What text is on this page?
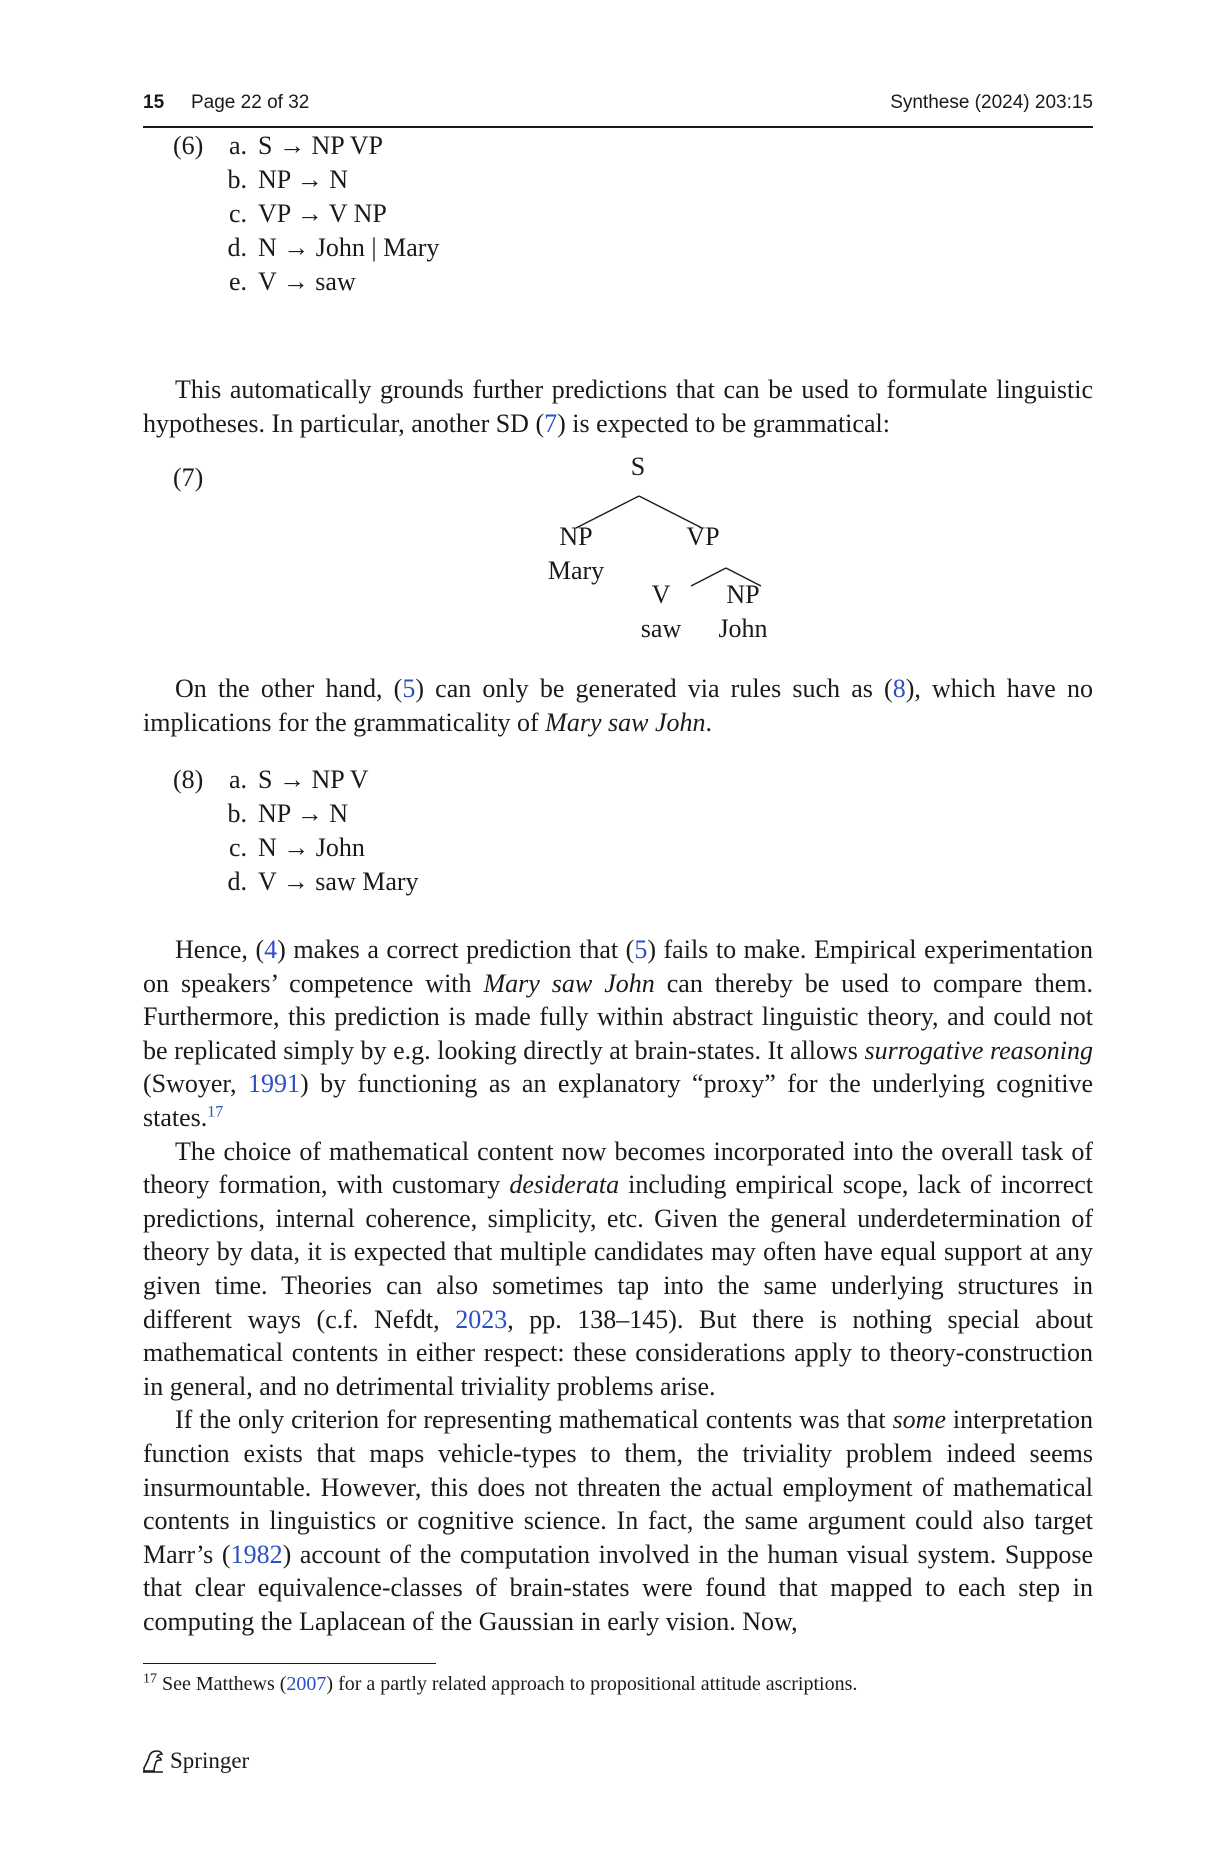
15 Page 22 of 32	Synthese (2024) 203:15
(6) a. S → NP VP
b. NP → N
c. VP → V NP
d. N → John | Mary
e. V → saw

This automatically grounds further predictions that can be used to formulate linguistic hypotheses. In particular, another SD (7) is expected to be grammatical:

(7)	S
NP
Mary
VP
V
saw
NP
John

On the other hand, (5) can only be generated via rules such as (8), which have no implications for the grammaticality of Mary saw John.

(8) a. S → NP V
b. NP → N
c. N → John
d. V → saw Mary

Hence, (4) makes a correct prediction that (5) fails to make. Empirical experimentation on speakers’ competence with Mary saw John can thereby be used to compare them. Furthermore, this prediction is made fully within abstract linguistic theory, and could not be replicated simply by e.g. looking directly at brain-states. It allows surrogative reasoning (Swoyer, 1991) by functioning as an explanatory “proxy” for the underlying cognitive states.$^{17}$

The choice of mathematical content now becomes incorporated into the overall task of theory formation, with customary desiderata including empirical scope, lack of incorrect predictions, internal coherence, simplicity, etc. Given the general underdetermination of theory by data, it is expected that multiple candidates may often have equal support at any given time. Theories can also sometimes tap into the same underlying structures in different ways (c.f. Nefdt, 2023, pp. 138–145). But there is nothing special about mathematical contents in either respect: these considerations apply to theory-construction in general, and no detrimental triviality problems arise.

If the only criterion for representing mathematical contents was that some interpretation function exists that maps vehicle-types to them, the triviality problem indeed seems insurmountable. However, this does not threaten the actual employment of mathematical contents in linguistics or cognitive science. In fact, the same argument could also target Marr’s (1982) account of the computation involved in the human visual system. Suppose that clear equivalence-classes of brain-states were found that mapped to each step in computing the Laplacean of the Gaussian in early vision. Now,

$^{17}$ See Matthews (2007) for a partly related approach to propositional attitude ascriptions.
Springer
